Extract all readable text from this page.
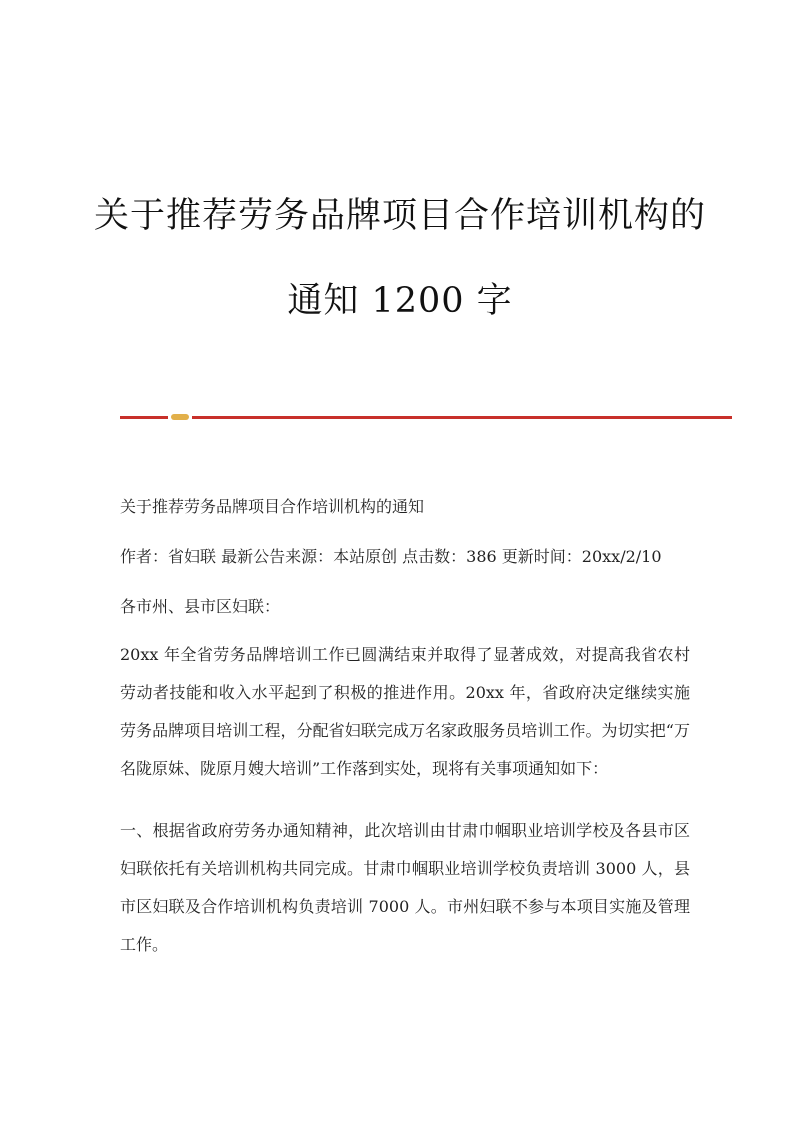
关于推荐劳务品牌项目合作培训机构的
通知 1200 字
关于推荐劳务品牌项目合作培训机构的通知
作者：省妇联 最新公告来源：本站原创 点击数：386 更新时间：20xx/2/10
各市州、县市区妇联：
20xx 年全省劳务品牌培训工作已圆满结束并取得了显著成效，对提高我省农村劳动者技能和收入水平起到了积极的推进作用。20xx 年，省政府决定继续实施劳务品牌项目培训工程，分配省妇联完成万名家政服务员培训工作。为切实把“万名陇原妹、陇原月嫂大培训”工作落到实处，现将有关事项通知如下：
一、根据省政府劳务办通知精神，此次培训由甘肃巾帼职业培训学校及各县市区妇联依托有关培训机构共同完成。甘肃巾帼职业培训学校负责培训 3000 人，县市区妇联及合作培训机构负责培训 7000 人。市州妇联不参与本项目实施及管理工作。
